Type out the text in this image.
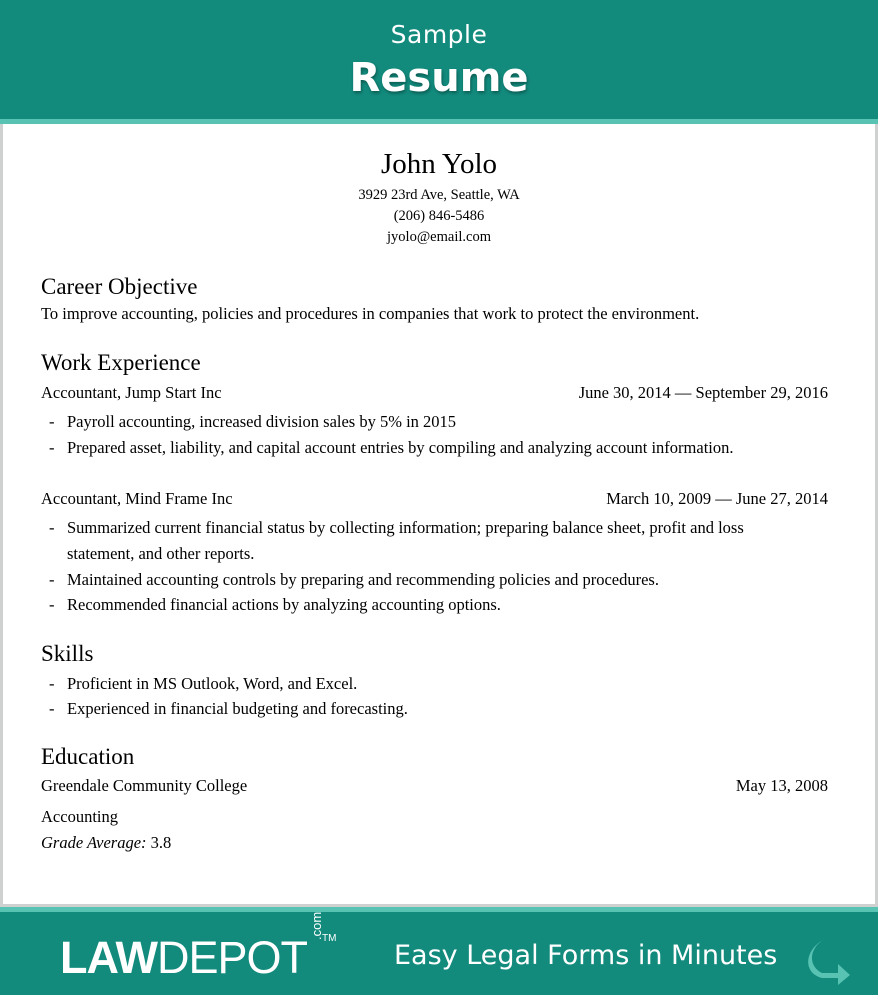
Sample
Resume
John Yolo
3929 23rd Ave, Seattle, WA
(206) 846-5486
jyolo@email.com
Career Objective
To improve accounting, policies and procedures in companies that work to protect the environment.
Work Experience
Accountant, Jump Start Inc	June 30, 2014 — September 29, 2016
- Payroll accounting, increased division sales by 5% in 2015
- Prepared asset, liability, and capital account entries by compiling and analyzing account information.
Accountant, Mind Frame Inc	March 10, 2009 — June 27, 2014
- Summarized current financial status by collecting information; preparing balance sheet, profit and loss
statement, and other reports.
- Maintained accounting controls by preparing and recommending policies and procedures.
- Recommended financial actions by analyzing accounting options.
Skills
- Proficient in MS Outlook, Word, and Excel.
- Experienced in financial budgeting and forecasting.
Education
Greendale Community College	May 13, 2008
Accounting
Grade Average: 3.8
LAWDEPOT
.com
TM
Easy Legal Forms in Minutes
